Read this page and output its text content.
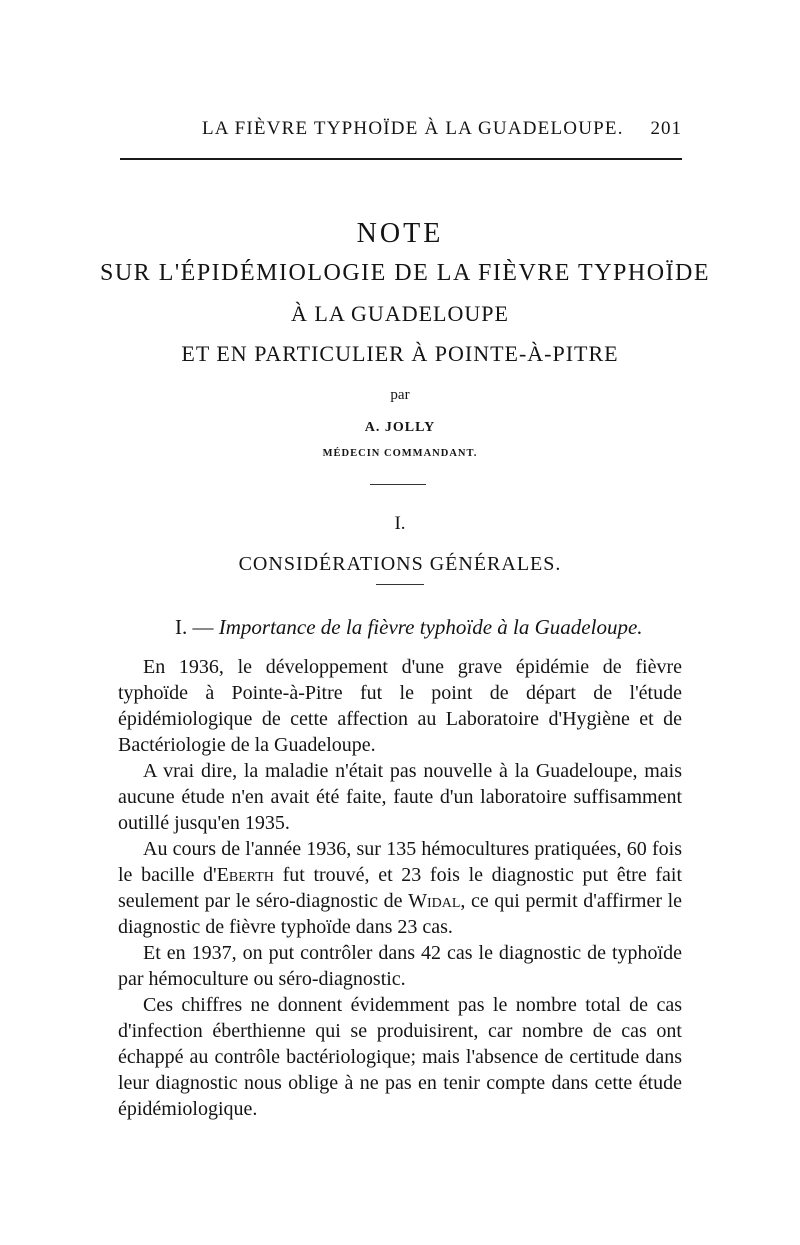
LA FIÈVRE TYPHOÏDE À LA GUADELOUPE. 201
NOTE
SUR L'ÉPIDÉMIOLOGIE DE LA FIÈVRE TYPHOÏDE
À LA GUADELOUPE
ET EN PARTICULIER À POINTE-À-PITRE
par
A. JOLLY
MÉDECIN COMMANDANT.
I.
CONSIDÉRATIONS GÉNÉRALES.
I. — Importance de la fièvre typhoïde à la Guadeloupe.

En 1936, le développement d'une grave épidémie de fièvre typhoïde à Pointe-à-Pitre fut le point de départ de l'étude épidémiologique de cette affection au Laboratoire d'Hygiène et de Bactériologie de la Guadeloupe.

A vrai dire, la maladie n'était pas nouvelle à la Guadeloupe, mais aucune étude n'en avait été faite, faute d'un laboratoire suffisamment outillé jusqu'en 1935.

Au cours de l'année 1936, sur 135 hémocultures pratiquées, 60 fois le bacille d'Eberth fut trouvé, et 23 fois le diagnostic put être fait seulement par le séro-diagnostic de Widal, ce qui permit d'affirmer le diagnostic de fièvre typhoïde dans 23 cas.

Et en 1937, on put contrôler dans 42 cas le diagnostic de typhoïde par hémoculture ou séro-diagnostic.

Ces chiffres ne donnent évidemment pas le nombre total de cas d'infection éberthienne qui se produisirent, car nombre de cas ont échappé au contrôle bactériologique; mais l'absence de certitude dans leur diagnostic nous oblige à ne pas en tenir compte dans cette étude épidémiologique.
